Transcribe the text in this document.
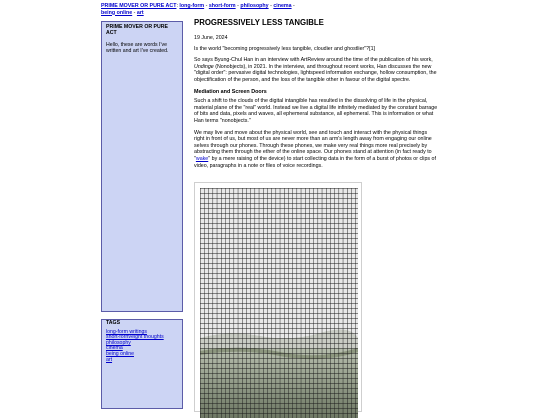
PRIME MOVER OR PURE ACT: long-form - short-form - philosophy - cinema -
being online - art

PRIME MOVER OR PURE ACT

Hello, these are words I've written and art I've created.

TAGS

long-form writings
short-form/eight thoughts
philosophy
cinema
being online
art
PROGRESSIVELY LESS TANGIBLE

19 June, 2024

Is the world "becoming progressively less tangible, cloudier and ghostlier"?[1]

So says Byung-Chul Han in an interview with ArtReview around the time of the publication of his work, Undinge (Nonobjects), in 2021. In the interview, and throughout recent works, Han discusses the new "digital order": pervasive digital technologies, lightspeed information exchange, hollow consumption, the objectification of the person, and the loss of the tangible other in favour of the digital spectre.

Mediation and Screen Doors

Such a shift to the clouds of the digital intangible has resulted in the dissolving of life in the physical, material plane of the "real" world. Instead we live a digital life infinitely mediated by the constant barrage of bits and data, pixels and waves, all ephemeral substance, all ephemeral. This is information or what Han terms "nonobjects."

We may live and move about the physical world, see and touch and interact with the physical things right in front of us, but most of us are never more than an arm's length away from engaging our online selves through our phones. Through these phones, we make very real things more real precisely by abstracting them through the ether of the online space. Our phones stand at attention (in fact ready to "wake" by a mere raising of the device) to start collecting data in the form of a burst of photos or clips of video, paragraphs in a note or files of voice recordings.
